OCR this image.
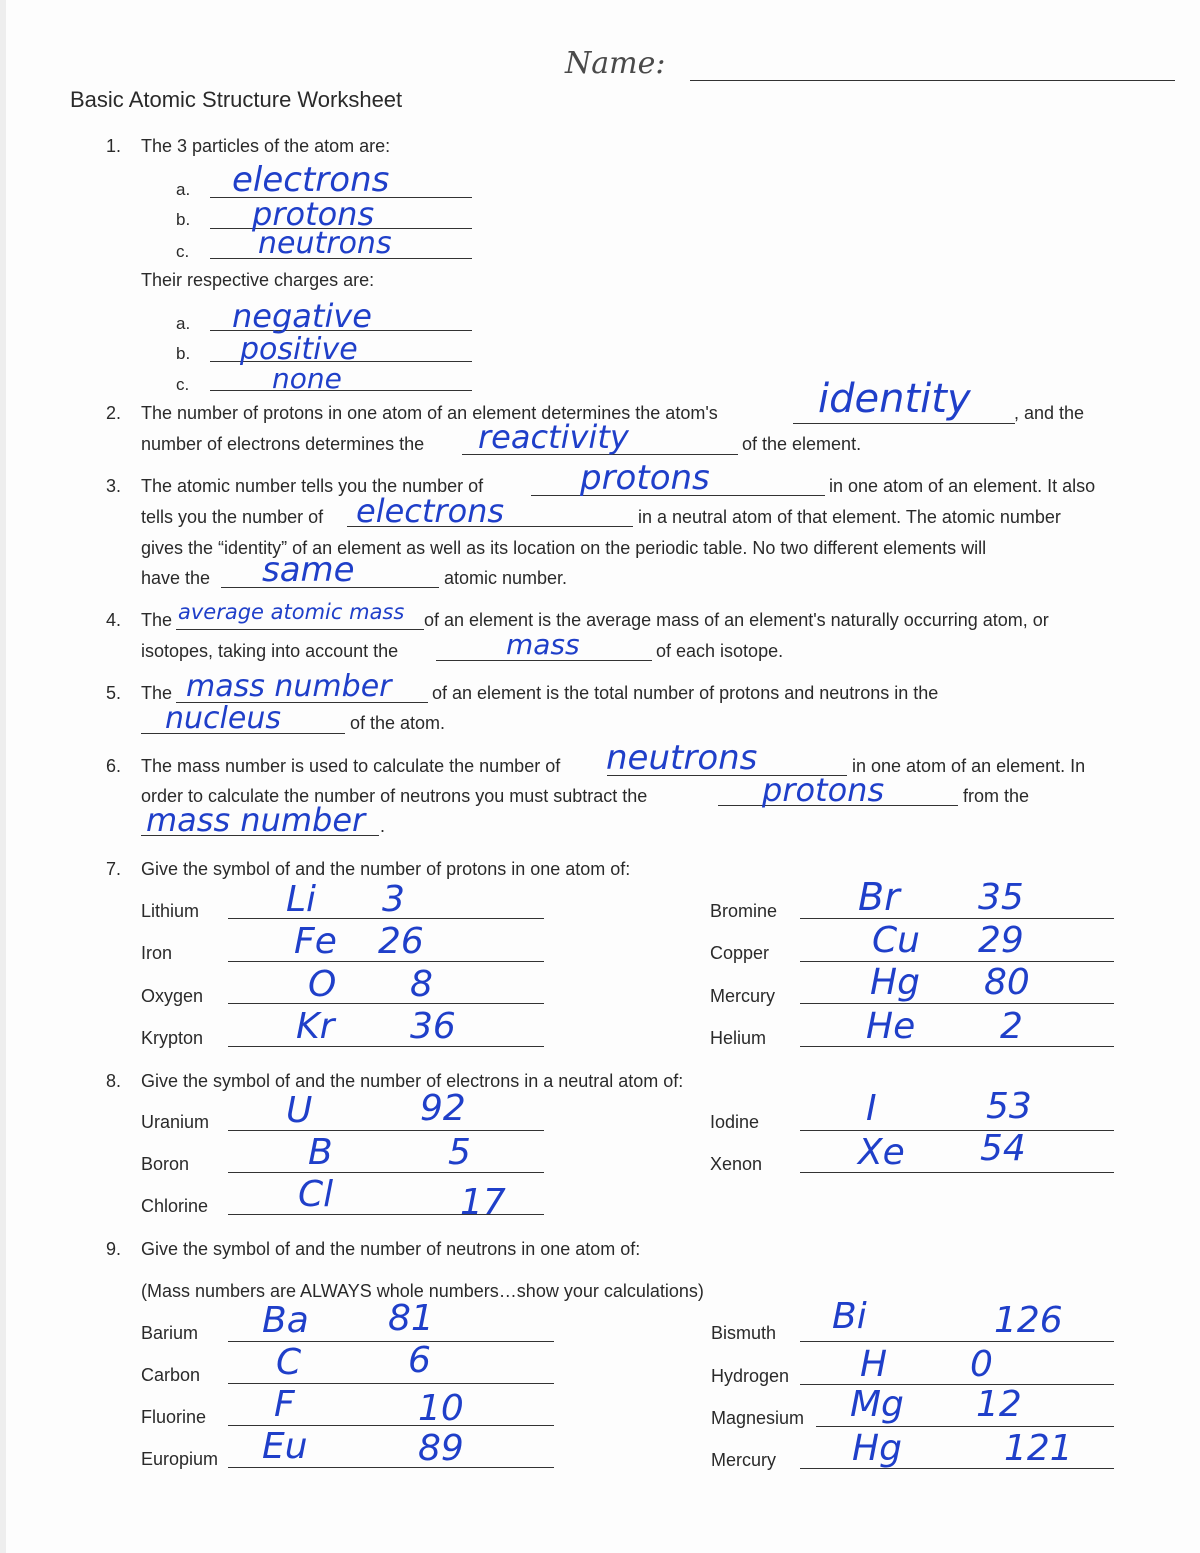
Name:
Basic Atomic Structure Worksheet
1. The 3 particles of the atom are:
a. electrons
b. protons
c. neutrons
Their respective charges are:
a. negative
b. positive
c.	none
2. The number of protons in one atom of an element determines the atom's	identity , and the
number of electrons determines the reactivity	of the element.
3. The atomic number tells you the number of	protons	in one atom of an element. It also
tells you the number of electrons	in a neutral atom of that element. The atomic number
gives the “identity” of an element as well as its location on the periodic table. No two different elements will
have the same	atomic number.
4. The average atomic mass of an element is the average mass of an element's naturally occurring atom, or
isotopes, taking into account the	mass	of each isotope.
5. The mass number of an element is the total number of protons and neutrons in the
nucleus	of the atom.
6. The mass number is used to calculate the number of neutrons	in one atom of an element. In
order to calculate the number of neutrons you must subtract the	protons	from the
mass number .
7. Give the symbol of and the number of protons in one atom of:
Lithium Li 3
Iron	Fe 26
Oxygen	O 8
Krypton	Kr 36
Bromine Br 35
Copper	Cu 29
Mercury	Hg 80
Helium	He 2
8. Give the symbol of and the number of electrons in a neutral atom of:
Uranium U	92
Boron	B	5
Chlorine Cl	17
Iodine	I	53
Xenon	Xe 54
9. Give the symbol of and the number of neutrons in one atom of:
(Mass numbers are ALWAYS whole numbers…show your calculations)
Barium Ba 81
Carbon C	6
Fluorine F	10
Europium Eu	89
Bismuth Bi	126
Hydrogen H 0
Magnesium Mg 12
Mercury Hg	121
